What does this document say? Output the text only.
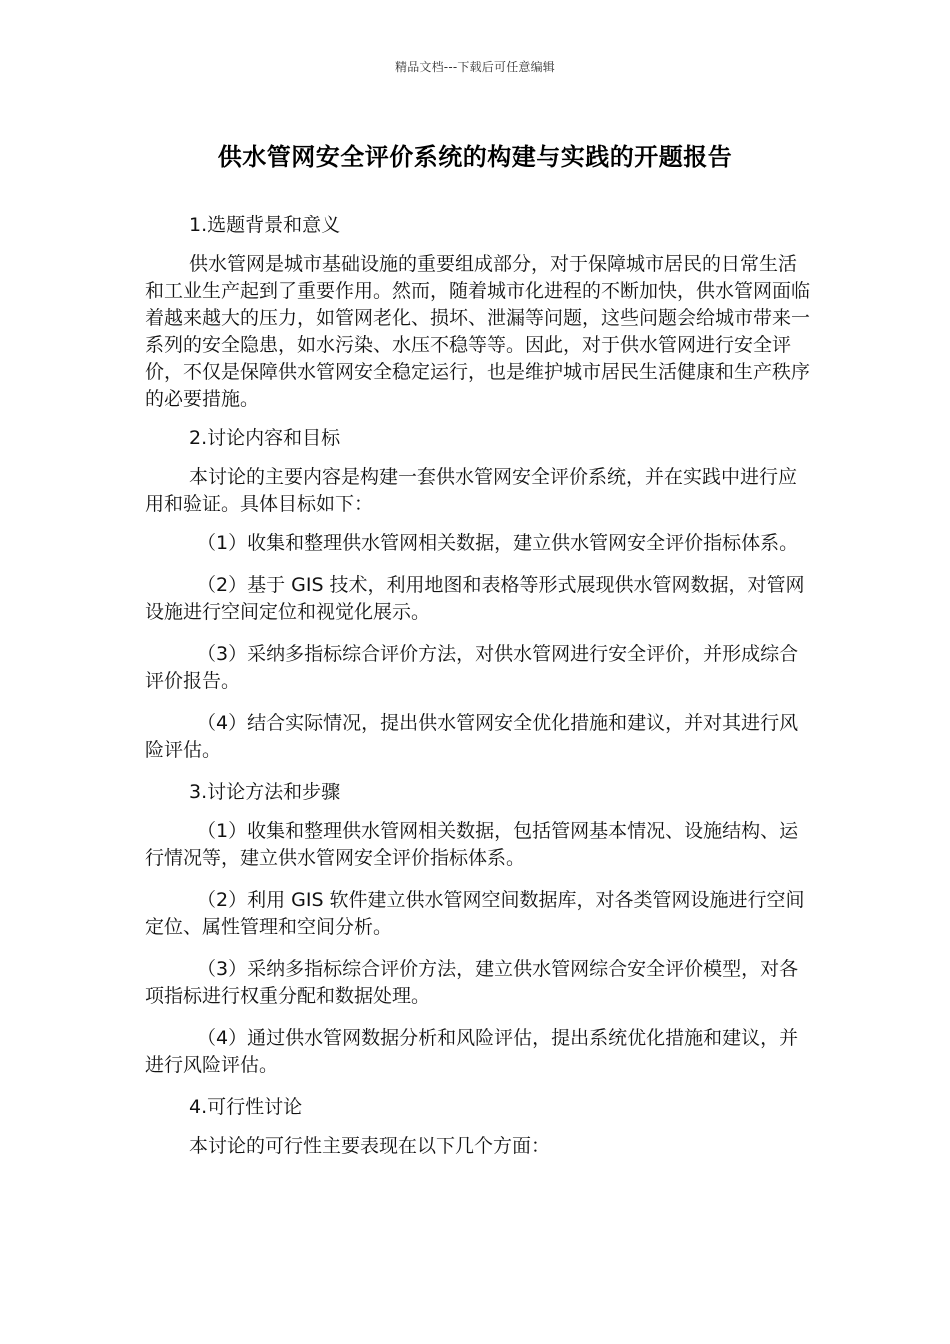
精品文档---下载后可任意编辑
供水管网安全评价系统的构建与实践的开题报告

1.选题背景和意义

供水管网是城市基础设施的重要组成部分，对于保障城市居民的日常生活和工业生产起到了重要作用。然而，随着城市化进程的不断加快，供水管网面临着越来越大的压力，如管网老化、损坏、泄漏等问题，这些问题会给城市带来一系列的安全隐患，如水污染、水压不稳等等。因此，对于供水管网进行安全评价，不仅是保障供水管网安全稳定运行，也是维护城市居民生活健康和生产秩序的必要措施。

2.讨论内容和目标

本讨论的主要内容是构建一套供水管网安全评价系统，并在实践中进行应用和验证。具体目标如下：

（1）收集和整理供水管网相关数据，建立供水管网安全评价指标体系。

（2）基于 GIS 技术，利用地图和表格等形式展现供水管网数据，对管网设施进行空间定位和视觉化展示。

（3）采纳多指标综合评价方法，对供水管网进行安全评价，并形成综合评价报告。

（4）结合实际情况，提出供水管网安全优化措施和建议，并对其进行风险评估。

3.讨论方法和步骤

（1）收集和整理供水管网相关数据，包括管网基本情况、设施结构、运行情况等，建立供水管网安全评价指标体系。

（2）利用 GIS 软件建立供水管网空间数据库，对各类管网设施进行空间定位、属性管理和空间分析。

（3）采纳多指标综合评价方法，建立供水管网综合安全评价模型，对各项指标进行权重分配和数据处理。

（4）通过供水管网数据分析和风险评估，提出系统优化措施和建议，并进行风险评估。

4.可行性讨论

本讨论的可行性主要表现在以下几个方面：
